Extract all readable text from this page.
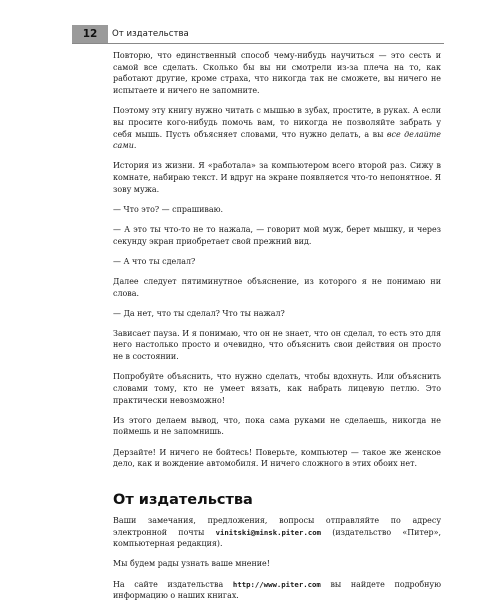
12	От издательства

Повторю, что единственный способ чему-нибудь научиться — это сесть и самой все сделать. Сколько бы вы ни смотрели из-за плеча на то, как работают другие, кроме страха, что никогда так не сможете, вы ничего не испытаете и ничего не запомните.

Поэтому эту книгу нужно читать с мышью в зубах, простите, в руках. А если вы просите кого-нибудь помочь вам, то никогда не позволяйте забрать у себя мышь. Пусть объясняет словами, что нужно делать, а вы все делайте сами.

История из жизни. Я «работала» за компьютером всего второй раз. Сижу в комнате, набираю текст. И вдруг на экране появляется что-то непонятное. Я зову мужа.

— Что это? — спрашиваю.

— А это ты что-то не то нажала, — говорит мой муж, берет мышку, и через секунду экран приобретает свой прежний вид.

— А что ты сделал?

Далее следует пятиминутное объяснение, из которого я не понимаю ни слова.

— Да нет, что ты сделал? Что ты нажал?

Зависает пауза. И я понимаю, что он не знает, что он сделал, то есть это для него настолько просто и очевидно, что объяснить свои действия он просто не в состоянии.

Попробуйте объяснить, что нужно сделать, чтобы вдохнуть. Или объяснить словами тому, кто не умеет вязать, как набрать лицевую петлю. Это практически невозможно!

Из этого делаем вывод, что, пока сама руками не сделаешь, никогда не поймешь и не запомнишь.

Дерзайте! И ничего не бойтесь! Поверьте, компьютер — такое же женское дело, как и вождение автомобиля. И ничего сложного в этих обоих нет.

От издательства

Ваши замечания, предложения, вопросы отправляйте по адресу электронной почты vinitski@minsk.piter.com (издательство «Питер», компьютерная редакция).

Мы будем рады узнать ваше мнение!

На сайте издательства http://www.piter.com вы найдете подробную информацию о наших книгах.
